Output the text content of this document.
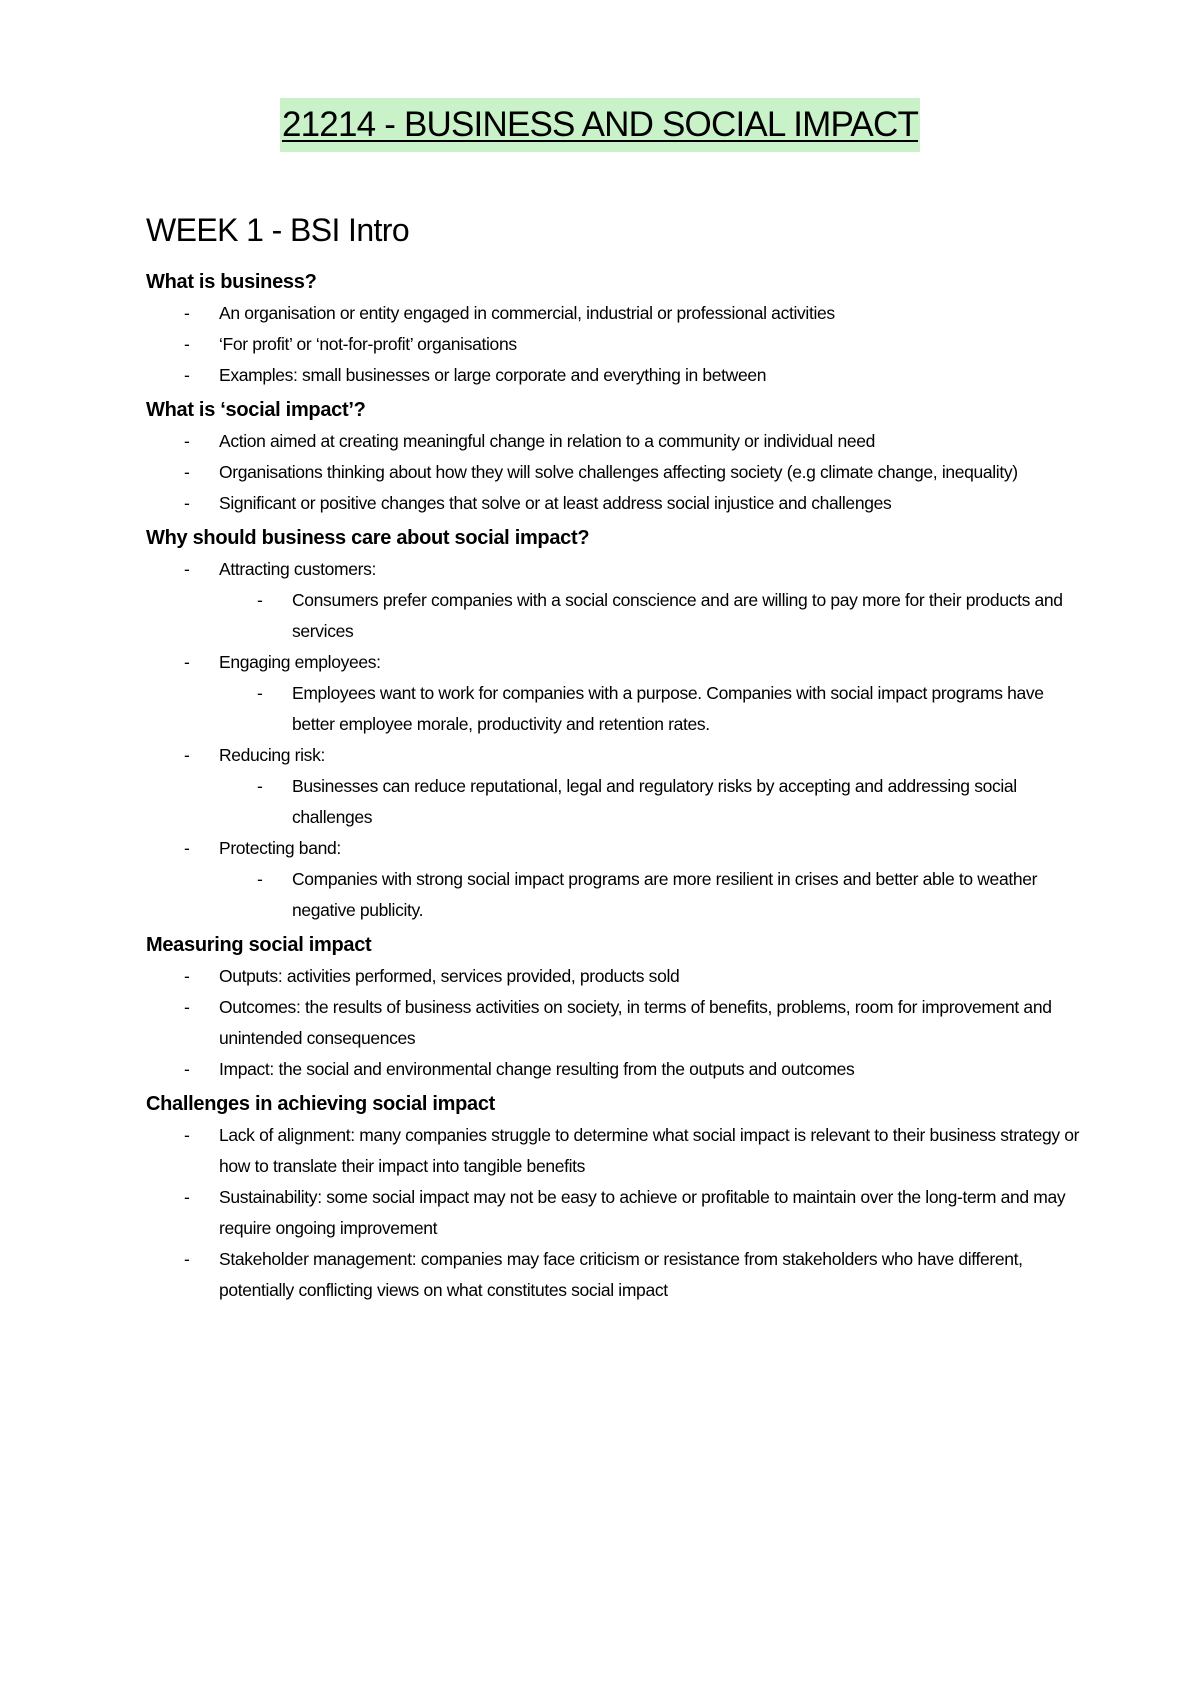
21214 - BUSINESS AND SOCIAL IMPACT
WEEK 1 - BSI Intro
What is business?
- An organisation or entity engaged in commercial, industrial or professional activities
- ‘For profit’ or ‘not-for-profit’ organisations
- Examples: small businesses or large corporate and everything in between
What is ‘social impact’?
- Action aimed at creating meaningful change in relation to a community or individual need
- Organisations thinking about how they will solve challenges affecting society (e.g climate change, inequality)
- Significant or positive changes that solve or at least address social injustice and challenges
Why should business care about social impact?
- Attracting customers:
- Consumers prefer companies with a social conscience and are willing to pay more for their products and services
- Engaging employees:
- Employees want to work for companies with a purpose. Companies with social impact programs have better employee morale, productivity and retention rates.
- Reducing risk:
- Businesses can reduce reputational, legal and regulatory risks by accepting and addressing social challenges
- Protecting band:
- Companies with strong social impact programs are more resilient in crises and better able to weather negative publicity.
Measuring social impact
- Outputs: activities performed, services provided, products sold
- Outcomes: the results of business activities on society, in terms of benefits, problems, room for improvement and unintended consequences
- Impact: the social and environmental change resulting from the outputs and outcomes
Challenges in achieving social impact
- Lack of alignment: many companies struggle to determine what social impact is relevant to their business strategy or how to translate their impact into tangible benefits
- Sustainability: some social impact may not be easy to achieve or profitable to maintain over the long-term and may require ongoing improvement
- Stakeholder management: companies may face criticism or resistance from stakeholders who have different, potentially conflicting views on what constitutes social impact
